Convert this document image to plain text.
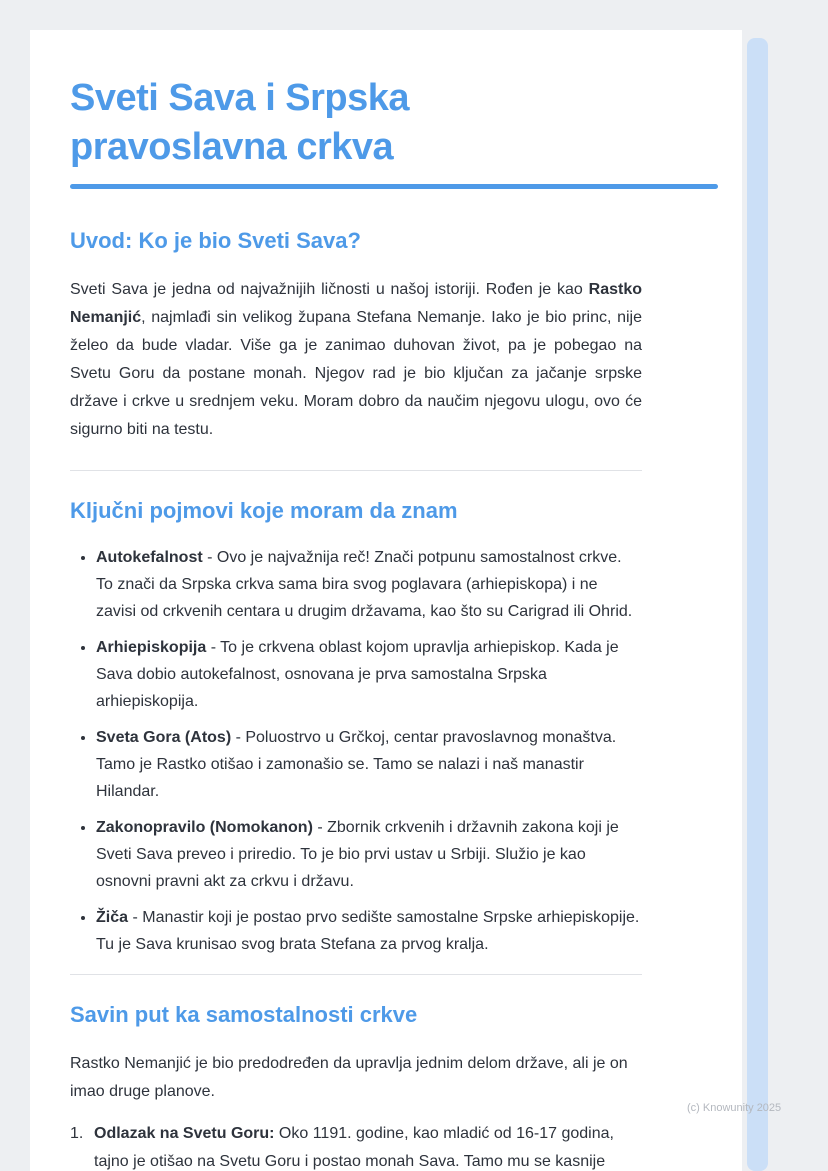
Sveti Sava i Srpska
pravoslavna crkva
Uvod: Ko je bio Sveti Sava?

Sveti Sava je jedna od najvažnijih ličnosti u našoj istoriji. Rođen je kao Rastko Nemanjić, najmlađi sin velikog župana Stefana Nemanje. Iako je bio princ, nije želeo da bude vladar. Više ga je zanimao duhovan život, pa je pobegao na Svetu Goru da postane monah. Njegov rad je bio ključan za jačanje srpske države i crkve u srednjem veku. Moram dobro da naučim njegovu ulogu, ovo će sigurno biti na testu.

Ključni pojmovi koje moram da znam
• Autokefalnost - Ovo je najvažnija reč! Znači potpunu samostalnost crkve. To znači da Srpska crkva sama bira svog poglavara (arhiepiskopa) i ne zavisi od crkvenih centara u drugim državama, kao što su Carigrad ili Ohrid.
• Arhiepiskopija - To je crkvena oblast kojom upravlja arhiepiskop. Kada je Sava dobio autokefalnost, osnovana je prva samostalna Srpska arhiepiskopija.
• Sveta Gora (Atos) - Poluostrvo u Grčkoj, centar pravoslavnog monaštva. Tamo je Rastko otišao i zamonašio se. Tamo se nalazi i naš manastir Hilandar.
• Zakonopravilo (Nomokanon) - Zbornik crkvenih i državnih zakona koji je Sveti Sava preveo i priredio. To je bio prvi ustav u Srbiji. Služio je kao osnovni pravni akt za crkvu i državu.
• Žiča - Manastir koji je postao prvo sedište samostalne Srpske arhiepiskopije. Tu je Sava krunisao svog brata Stefana za prvog kralja.
Savin put ka samostalnosti crkve

Rastko Nemanjić je bio predodređen da upravlja jednim delom države, ali je on imao druge planove.

1. Odlazak na Svetu Goru: Oko 1191. godine, kao mladić od 16-17 godina, tajno je otišao na Svetu Goru i postao monah Sava. Tamo mu se kasnije
(c) Knowunity 2025
